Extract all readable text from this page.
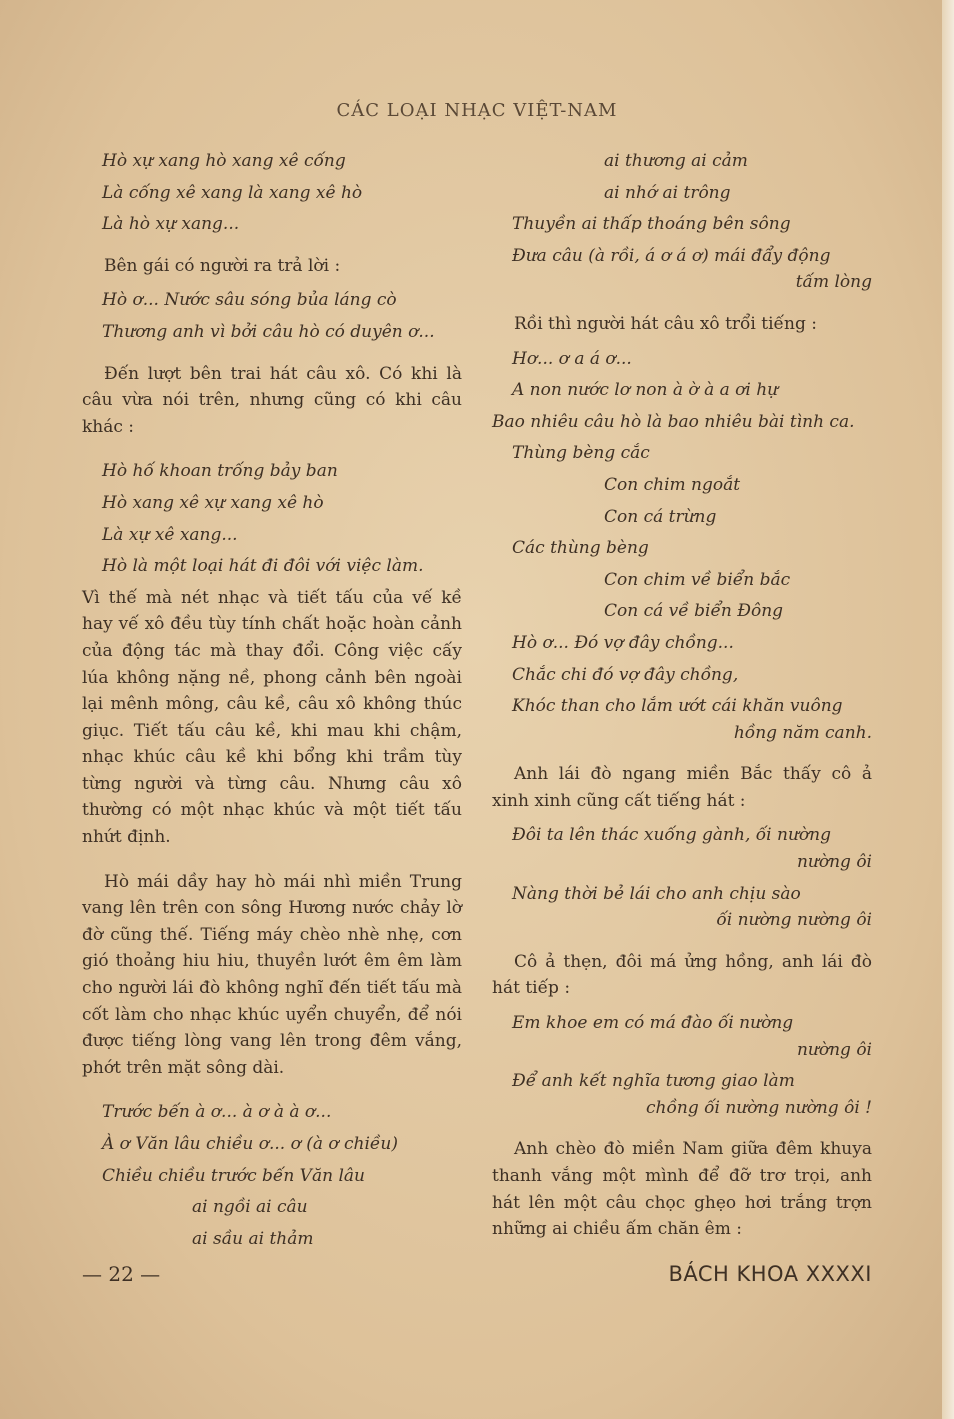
CÁC LOẠI NHẠC VIỆT-NAM
Hò xự xang hò xang xê cống
Là cống xê xang là xang xê hò
Là hò xự xang...
Bên gái có người ra trả lời :
Hò ơ... Nước sâu sóng bủa láng cò
Thương anh vì bởi câu hò có duyên ơ...
Đến lượt bên trai hát câu xô. Có khi là câu vừa nói trên, nhưng cũng có khi câu khác :
Hò hố khoan trống bảy ban
Hò xang xê xự xang xê hò
Là xự xê xang...
Hò là một loại hát đi đôi với việc làm.
Vì thế mà nét nhạc và tiết tấu của vế kề hay vế xô đều tùy tính chất hoặc hoàn cảnh của động tác mà thay đổi. Công việc cấy lúa không nặng nề, phong cảnh bên ngoài lại mênh mông, câu kề, câu xô không thúc giục. Tiết tấu câu kề, khi mau khi chậm, nhạc khúc câu kề khi bổng khi trầm tùy từng người và từng câu. Nhưng câu xô thường có một nhạc khúc và một tiết tấu nhứt định.
Hò mái dầy hay hò mái nhì miền Trung vang lên trên con sông Hương nước chảy lờ đờ cũng thế. Tiếng máy chèo nhè nhẹ, cơn gió thoảng hiu hiu, thuyền lướt êm êm làm cho người lái đò không nghĩ đến tiết tấu mà cốt làm cho nhạc khúc uyển chuyển, để nói được tiếng lòng vang lên trong đêm vắng, phớt trên mặt sông dài.
Trước bến à ơ... à ơ à à ơ...
À ơ Văn lâu chiều ơ... ơ (à ơ chiều)
Chiều chiều trước bến Văn lâu
ai ngồi ai câu
ai sầu ai thảm
ai thương ai cảm
ai nhớ ai trông
Thuyền ai thấp thoáng bên sông
Đưa câu (à rồi, á ơ á ơ) mái đẩy động
tấm lòng
Rồi thì người hát câu xô trổi tiếng :
Hơ... ơ a á ơ...
A non nước lơ non à ờ à a ơi hự
Bao nhiêu câu hò là bao nhiêu bài tình ca.
Thùng bèng cắc
Con chim ngoắt
Con cá trừng
Các thùng bèng
Con chim về biển bắc
Con cá về biển Đông
Hò ơ... Đó vợ đây chồng...
Chắc chi đó vợ đây chồng,
Khóc than cho lắm ướt cái khăn vuông
hồng năm canh.
Anh lái đò ngang miền Bắc thấy cô ả xinh xinh cũng cất tiếng hát :
Đôi ta lên thác xuống gành, ối nường
nường ôi
Nàng thời bẻ lái cho anh chịu sào
ối nường nường ôi
Cô ả thẹn, đôi má ửng hồng, anh lái đò hát tiếp :
Em khoe em có má đào ối nường
nường ôi
Để anh kết nghĩa tương giao làm
chồng ối nường nường ôi !
Anh chèo đò miền Nam giữa đêm khuya thanh vắng một mình để đỡ trơ trọi, anh hát lên một câu chọc ghẹo hơi trắng trợn những ai chiều ấm chăn êm :
— 22 —	BÁCH KHOA XXXXI
